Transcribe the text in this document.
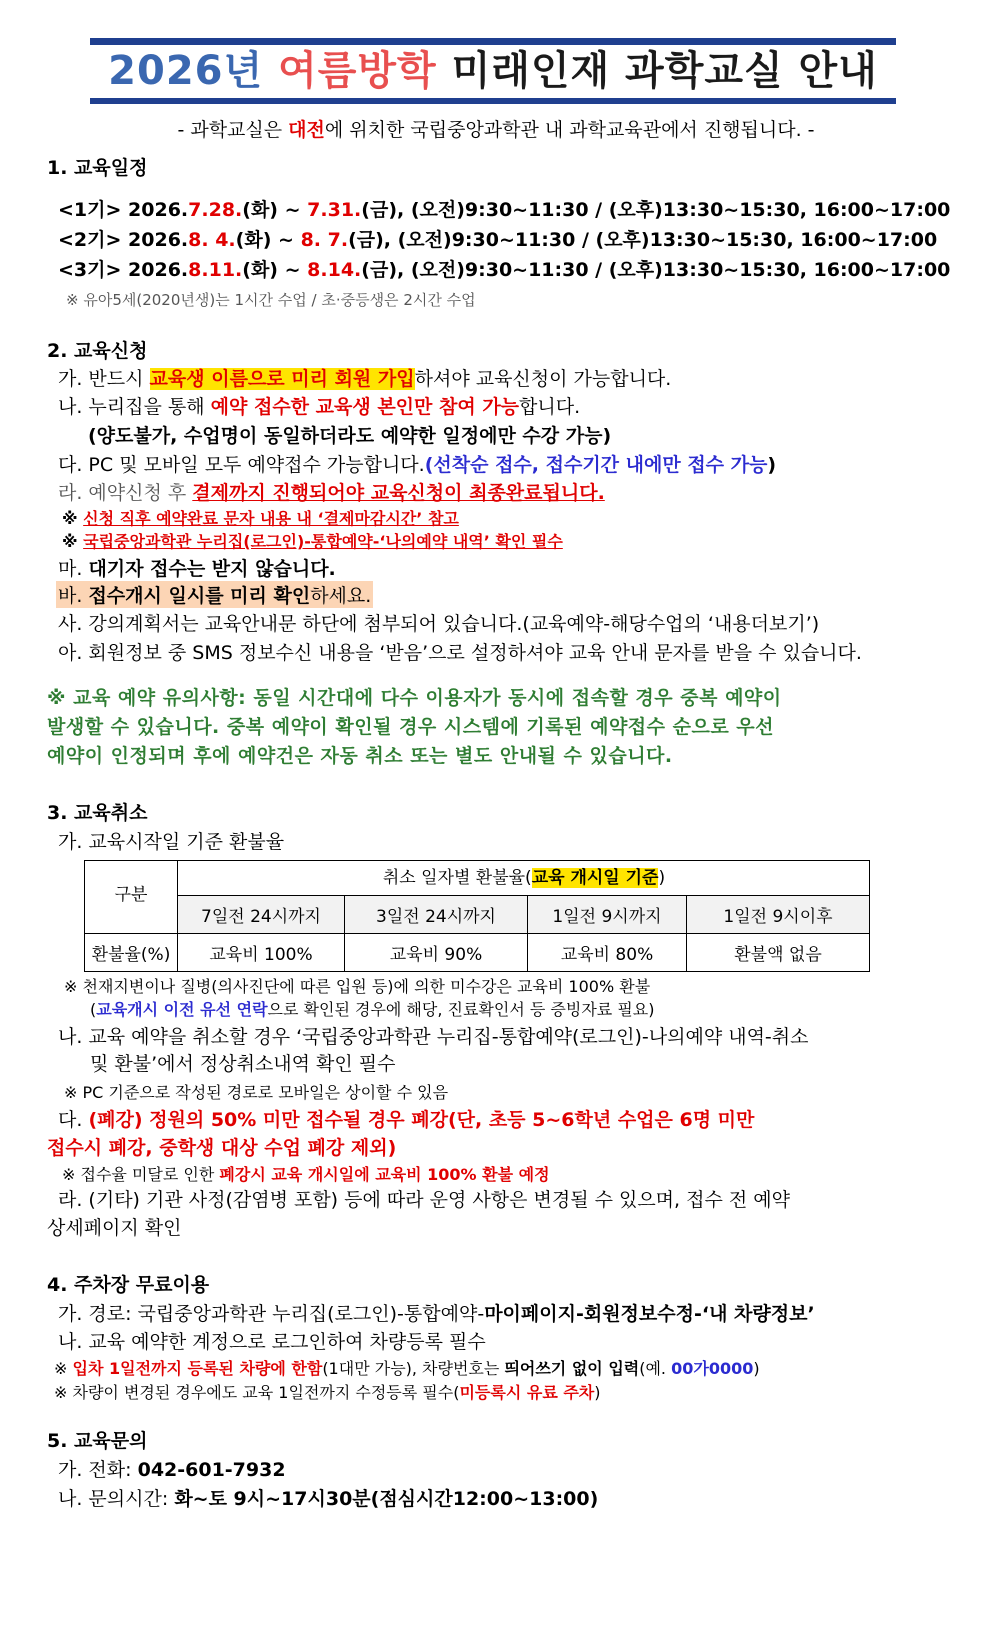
2026년 여름방학 미래인재 과학교실 안내
- 과학교실은 대전에 위치한 국립중앙과학관 내 과학교육관에서 진행됩니다. -
1. 교육일정
<1기> 2026.7.28.(화) ~ 7.31.(금), (오전)9:30~11:30 / (오후)13:30~15:30, 16:00~17:00
<2기> 2026.8. 4.(화) ~ 8. 7.(금), (오전)9:30~11:30 / (오후)13:30~15:30, 16:00~17:00
<3기> 2026.8.11.(화) ~ 8.14.(금), (오전)9:30~11:30 / (오후)13:30~15:30, 16:00~17:00
※ 유아5세(2020년생)는 1시간 수업 / 초·중등생은 2시간 수업
2. 교육신청
가. 반드시 교육생 이름으로 미리 회원 가입하셔야 교육신청이 가능합니다.
나. 누리집을 통해 예약 접수한 교육생 본인만 참여 가능합니다.
(양도불가, 수업명이 동일하더라도 예약한 일정에만 수강 가능)
다. PC 및 모바일 모두 예약접수 가능합니다.(선착순 접수, 접수기간 내에만 접수 가능)
라. 예약신청 후 결제까지 진행되어야 교육신청이 최종완료됩니다.
※ 신청 직후 예약완료 문자 내용 내 ‘결제마감시간’ 참고
※ 국립중앙과학관 누리집(로그인)-통합예약-‘나의예약 내역’ 확인 필수
마. 대기자 접수는 받지 않습니다.
바. 접수개시 일시를 미리 확인하세요.
사. 강의계획서는 교육안내문 하단에 첨부되어 있습니다.(교육예약-해당수업의 ‘내용더보기’)
아. 회원정보 중 SMS 정보수신 내용을 ‘받음’으로 설정하셔야 교육 안내 문자를 받을 수 있습니다.
※ 교육 예약 유의사항: 동일 시간대에 다수 이용자가 동시에 접속할 경우 중복 예약이
발생할 수 있습니다. 중복 예약이 확인될 경우 시스템에 기록된 예약접수 순으로 우선
예약이 인정되며 후에 예약건은 자동 취소 또는 별도 안내될 수 있습니다.
3. 교육취소
가. 교육시작일 기준 환불율
구분
취소 일자별 환불율(교육 개시일 기준)
	7일전 24시까지	3일전 24시까지	1일전 9시까지	1일전 9시이후
환불율(%)	교육비 100%	교육비 90%	교육비 80%	환불액 없음
※ 천재지변이나 질병(의사진단에 따른 입원 등)에 의한 미수강은 교육비 100% 환불
(교육개시 이전 유선 연락으로 확인된 경우에 해당, 진료확인서 등 증빙자료 필요)
나. 교육 예약을 취소할 경우 ‘국립중앙과학관 누리집-통합예약(로그인)-나의예약 내역-취소
및 환불’에서 정상취소내역 확인 필수
※ PC 기준으로 작성된 경로로 모바일은 상이할 수 있음
다. (폐강) 정원의 50% 미만 접수될 경우 폐강(단, 초등 5~6학년 수업은 6명 미만
접수시 폐강, 중학생 대상 수업 폐강 제외)
※ 접수율 미달로 인한 폐강시 교육 개시일에 교육비 100% 환불 예정
라. (기타) 기관 사정(감염병 포함) 등에 따라 운영 사항은 변경될 수 있으며, 접수 전 예약
상세페이지 확인
4. 주차장 무료이용
가. 경로: 국립중앙과학관 누리집(로그인)-통합예약-마이페이지-회원정보수정-‘내 차량정보’
나. 교육 예약한 계정으로 로그인하여 차량등록 필수
※ 입차 1일전까지 등록된 차량에 한함(1대만 가능), 차량번호는 띄어쓰기 없이 입력(예. 00가0000)
※ 차량이 변경된 경우에도 교육 1일전까지 수정등록 필수(미등록시 유료 주차)
5. 교육문의
가. 전화: 042-601-7932
나. 문의시간: 화~토 9시~17시30분(점심시간12:00~13:00)
